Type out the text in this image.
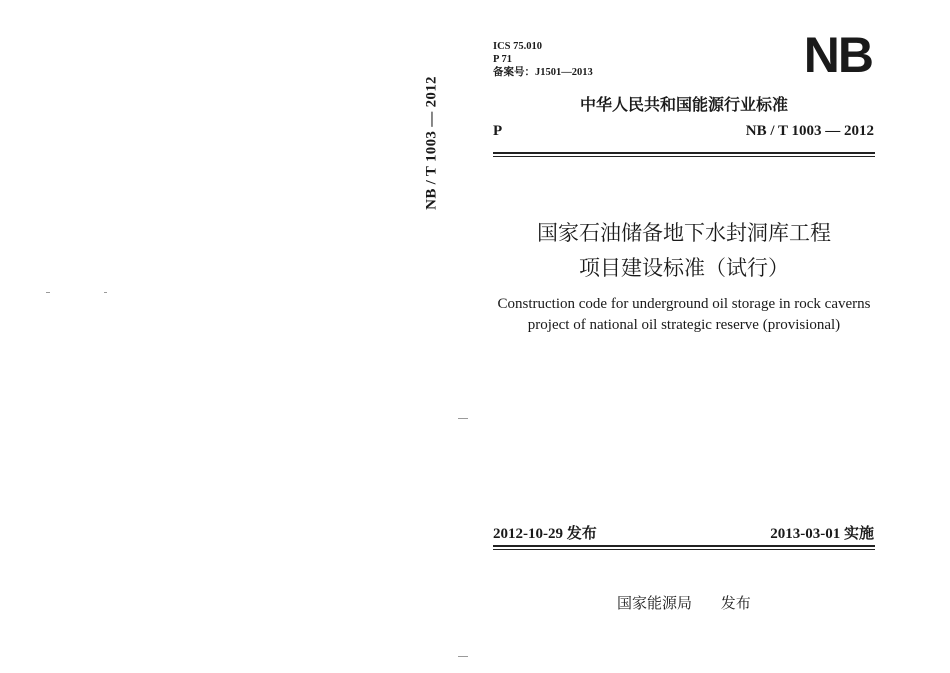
NB / T 1003 — 2012
ICS 75.010
P 71
备案号：J1501—2013	NB
中华人民共和国能源行业标准
P	NB / T 1003 — 2012
国家石油储备地下水封洞库工程
项目建设标准（试行）
Construction code for underground oil storage in rock caverns
project of national oil strategic reserve (provisional)
2012-10-29 发布	2013-03-01 实施
国家能源局 发布
